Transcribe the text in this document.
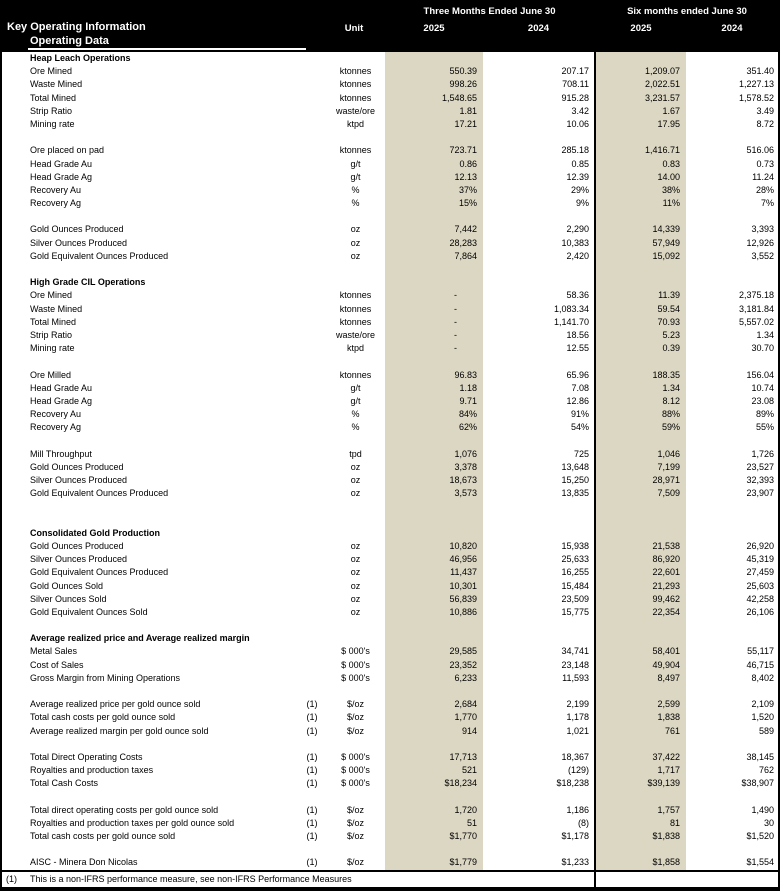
Three Months Ended June 30	Six months ended June 30
Key Operating Information	Unit	2025	2024	2025	2024
Operating Data
Heap Leach Operations
Ore Mined	ktonnes	550.39	207.17	1,209.07	351.40
Waste Mined	ktonnes	998.26	708.11	2,022.51	1,227.13
Total Mined	ktonnes	1,548.65	915.28	3,231.57	1,578.52
Strip Ratio	waste/ore	1.81	3.42	1.67	3.49
Mining rate	ktpd	17.21	10.06	17.95	8.72
Ore placed on pad	ktonnes	723.71	285.18	1,416.71	516.06
Head Grade Au	g/t	0.86	0.85	0.83	0.73
Head Grade Ag	g/t	12.13	12.39	14.00	11.24
Recovery Au	%	37%	29%	38%	28%
Recovery Ag	%	15%	9%	11%	7%
Gold Ounces Produced	oz	7,442	2,290	14,339	3,393
Silver Ounces Produced	oz	28,283	10,383	57,949	12,926
Gold Equivalent Ounces Produced	oz	7,864	2,420	15,092	3,552
High Grade CIL Operations
Ore Mined	ktonnes	-	58.36	11.39	2,375.18
Waste Mined	ktonnes	-	1,083.34	59.54	3,181.84
Total Mined	ktonnes	-	1,141.70	70.93	5,557.02
Strip Ratio	waste/ore	-	18.56	5.23	1.34
Mining rate	ktpd	-	12.55	0.39	30.70
Ore Milled	ktonnes	96.83	65.96	188.35	156.04
Head Grade Au	g/t	1.18	7.08	1.34	10.74
Head Grade Ag	g/t	9.71	12.86	8.12	23.08
Recovery Au	%	84%	91%	88%	89%
Recovery Ag	%	62%	54%	59%	55%
Mill Throughput	tpd	1,076	725	1,046	1,726
Gold Ounces Produced	oz	3,378	13,648	7,199	23,527
Silver Ounces Produced	oz	18,673	15,250	28,971	32,393
Gold Equivalent Ounces Produced	oz	3,573	13,835	7,509	23,907
Consolidated Gold Production
Gold Ounces Produced	oz	10,820	15,938	21,538	26,920
Silver Ounces Produced	oz	46,956	25,633	86,920	45,319
Gold Equivalent Ounces Produced	oz	11,437	16,255	22,601	27,459
Gold Ounces Sold	oz	10,301	15,484	21,293	25,603
Silver Ounces Sold	oz	56,839	23,509	99,462	42,258
Gold Equivalent Ounces Sold	oz	10,886	15,775	22,354	26,106
Average realized price and Average realized margin
Metal Sales	$ 000's	29,585	34,741	58,401	55,117
Cost of Sales	$ 000's	23,352	23,148	49,904	46,715
Gross Margin from Mining Operations	$ 000's	6,233	11,593	8,497	8,402
Average realized price per gold ounce sold	(1)	$/oz	2,684	2,199	2,599	2,109
Total cash costs per gold ounce sold	(1)	$/oz	1,770	1,178	1,838	1,520
Average realized margin per gold ounce sold	(1)	$/oz	914	1,021	761	589
Total Direct Operating Costs	(1)	$ 000's	17,713	18,367	37,422	38,145
Royalties and production taxes	(1)	$ 000's	521	(129)	1,717	762
Total Cash Costs	(1)	$ 000's	$18,234	$18,238	$39,139	$38,907
Total direct operating costs per gold ounce sold	(1)	$/oz	1,720	1,186	1,757	1,490
Royalties and production taxes per gold ounce sold	(1)	$/oz	51	(8)	81	30
Total cash costs per gold ounce sold	(1)	$/oz	$1,770	$1,178	$1,838	$1,520
AISC - Minera Don Nicolas	(1)	$/oz	$1,779	$1,233	$1,858	$1,554
(1) This is a non-IFRS performance measure, see non-IFRS Performance Measures
